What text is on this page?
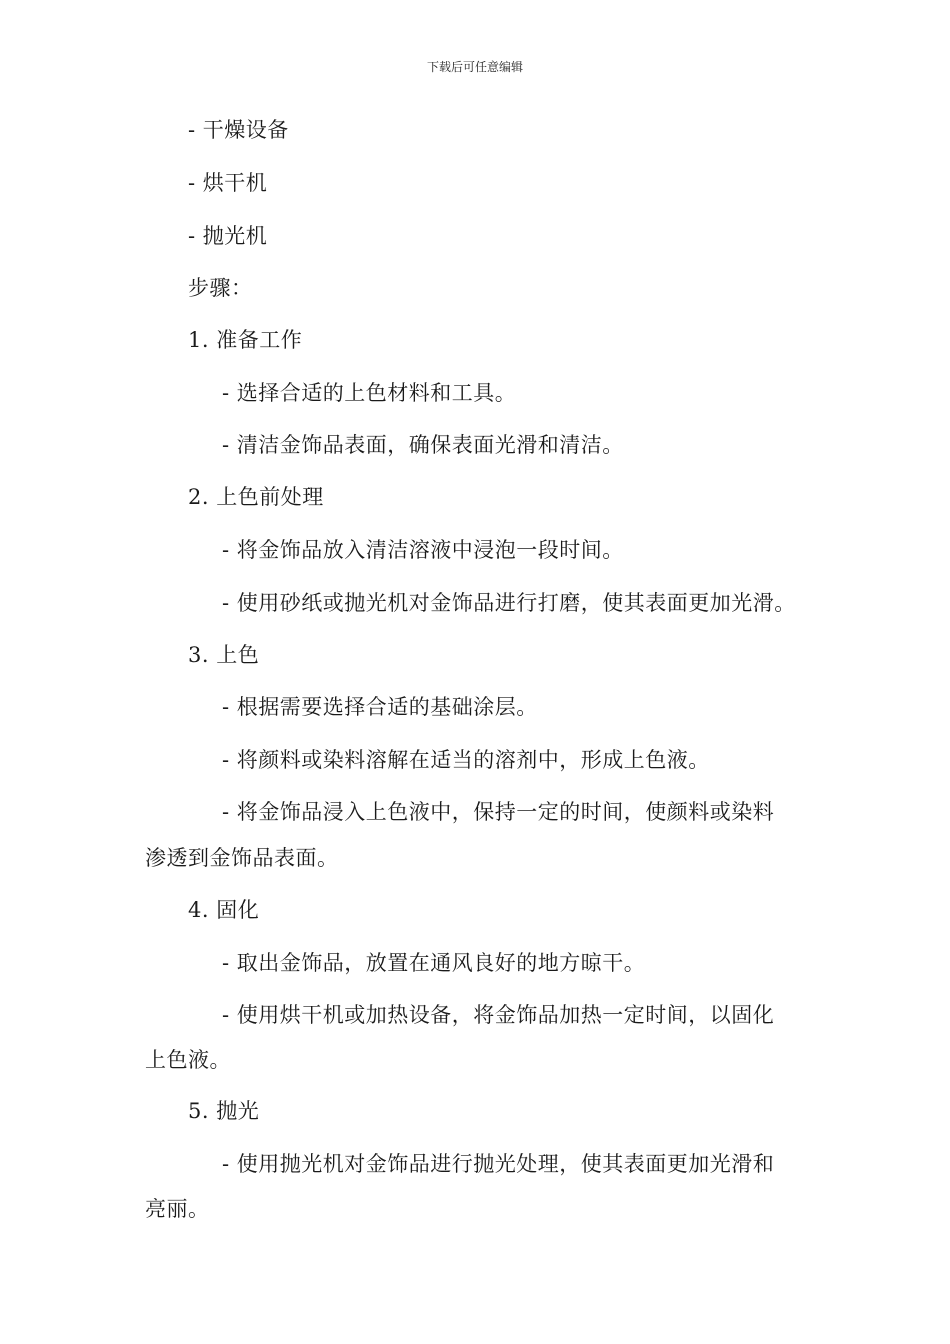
下载后可任意编辑
- 干燥设备
- 烘干机
- 抛光机
步骤：
1. 准备工作
- 选择合适的上色材料和工具。
- 清洁金饰品表面，确保表面光滑和清洁。
2. 上色前处理
- 将金饰品放入清洁溶液中浸泡一段时间。
- 使用砂纸或抛光机对金饰品进行打磨，使其表面更加光滑。
3. 上色
- 根据需要选择合适的基础涂层。
- 将颜料或染料溶解在适当的溶剂中，形成上色液。
- 将金饰品浸入上色液中，保持一定的时间，使颜料或染料
渗透到金饰品表面。
4. 固化
- 取出金饰品，放置在通风良好的地方晾干。
- 使用烘干机或加热设备，将金饰品加热一定时间，以固化
上色液。
5. 抛光
- 使用抛光机对金饰品进行抛光处理，使其表面更加光滑和
亮丽。
